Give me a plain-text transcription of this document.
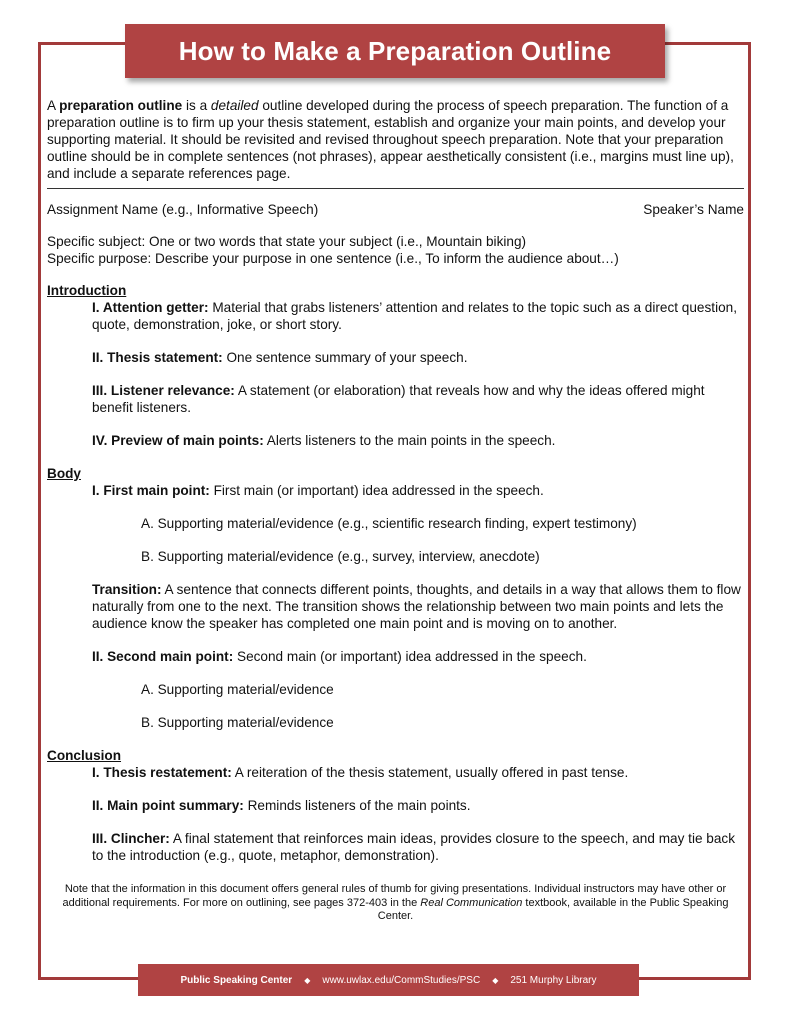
How to Make a Preparation Outline

A preparation outline is a detailed outline developed during the process of speech preparation. The function of a preparation outline is to firm up your thesis statement, establish and organize your main points, and develop your supporting material. It should be revisited and revised throughout speech preparation. Note that your preparation outline should be in complete sentences (not phrases), appear aesthetically consistent (i.e., margins must line up), and include a separate references page.

Assignment Name (e.g., Informative Speech)	Speaker’s Name

Specific subject: One or two words that state your subject (i.e., Mountain biking)
Specific purpose: Describe your purpose in one sentence (i.e., To inform the audience about…)

Introduction

I. Attention getter: Material that grabs listeners’ attention and relates to the topic such as a direct question, quote, demonstration, joke, or short story.

II. Thesis statement: One sentence summary of your speech.

III. Listener relevance: A statement (or elaboration) that reveals how and why the ideas offered might benefit listeners.

IV. Preview of main points: Alerts listeners to the main points in the speech.

Body

I. First main point: First main (or important) idea addressed in the speech.

A. Supporting material/evidence (e.g., scientific research finding, expert testimony)

B. Supporting material/evidence (e.g., survey, interview, anecdote)

Transition: A sentence that connects different points, thoughts, and details in a way that allows them to flow naturally from one to the next. The transition shows the relationship between two main points and lets the audience know the speaker has completed one main point and is moving on to another.

II. Second main point: Second main (or important) idea addressed in the speech.

A. Supporting material/evidence

B. Supporting material/evidence

Conclusion

I. Thesis restatement: A reiteration of the thesis statement, usually offered in past tense.

II. Main point summary: Reminds listeners of the main points.

III. Clincher: A final statement that reinforces main ideas, provides closure to the speech, and may tie back to the introduction (e.g., quote, metaphor, demonstration).

Note that the information in this document offers general rules of thumb for giving presentations. Individual instructors may have other or additional requirements. For more on outlining, see pages 372-403 in the Real Communication textbook, available in the Public Speaking Center.

Public Speaking Center ◆ www.uwlax.edu/CommStudies/PSC ◆ 251 Murphy Library
